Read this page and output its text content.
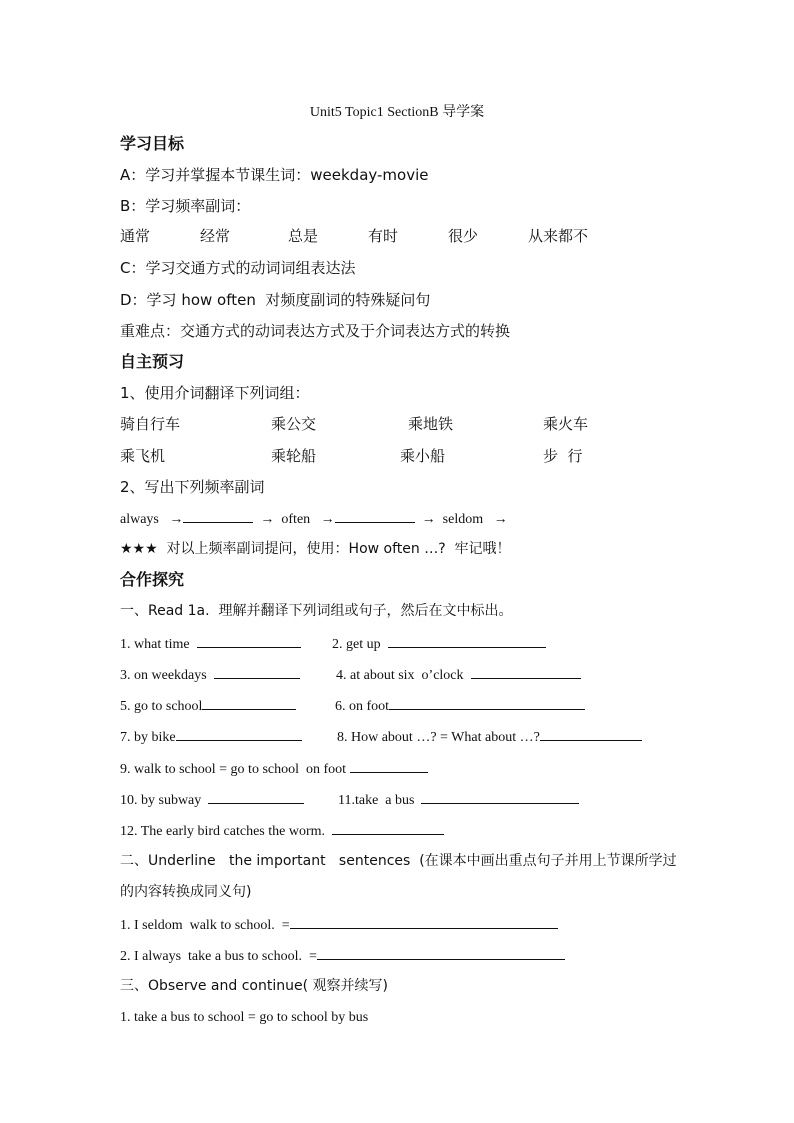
Unit5 Topic1 SectionB 导学案
学习目标
A：学习并掌握本节课生词：weekday-movie
B：学习频率副词：
通常	经常	总是	有时	很少	从来都不
C：学习交通方式的动词词组表达法
D：学习 how often  对频度副词的特殊疑问句
重难点：交通方式的动词表达方式及于介词表达方式的转换
自主预习
1、使用介词翻译下列词组：
骑自行车	乘公交	乘地铁	乘火车
乘飞机	乘轮船	乘小船	步  行
2、写出下列频率副词
always →	→ often →	→ seldom →
★★★  对以上频率副词提问，使用：How often …?  牢记哦！
合作探究
一、Read 1a.  理解并翻译下列词组或句子，然后在文中标出。
1. what time	2. get up
3. on weekdays	4. at about six  o’clock
5. go to school	6. on foot
7. by bike	8. How about …? = What about …?
9. walk to school = go to school  on foot
10. by subway	11.take  a bus
12. The early bird catches the worm.
二、Underline   the important   sentences  (在课本中画出重点句子并用上节课所学过
的内容转换成同义句)
1. I seldom  walk to school.  =
2. I always  take a bus to school.  =
三、Observe and continue( 观察并续写)
1. take a bus to school = go to school by bus
